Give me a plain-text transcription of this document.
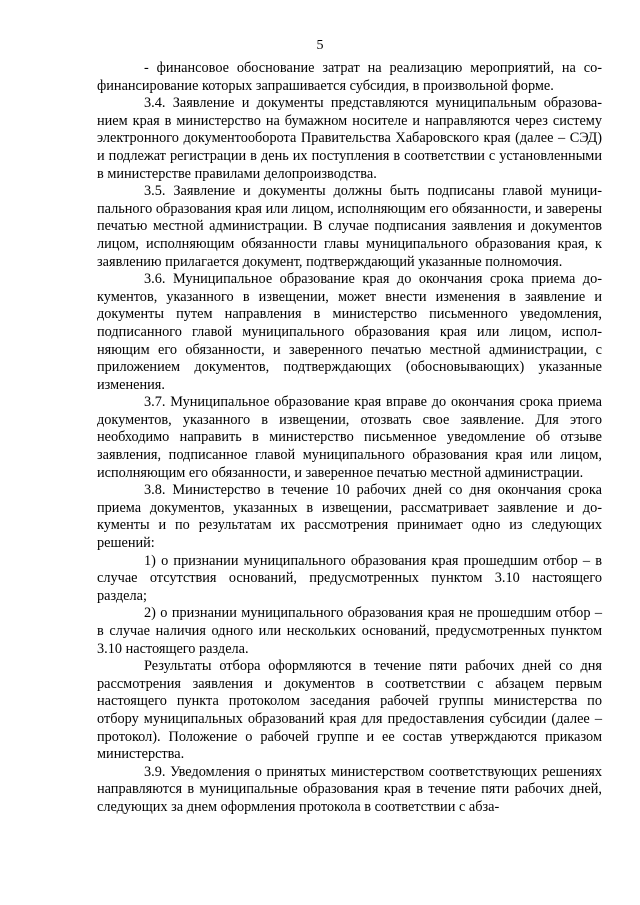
5

- финансовое обоснование затрат на реализацию мероприятий, на софинансирование которых запрашивается субсидия, в произвольной форме.

3.4. Заявление и документы представляются муниципальным образованием края в министерство на бумажном носителе и направляются через систему электронного документооборота Правительства Хабаровского края (далее – СЭД) и подлежат регистрации в день их поступления в соответствии с установленными в министерстве правилами делопроизводства.

3.5. Заявление и документы должны быть подписаны главой муниципального образования края или лицом, исполняющим его обязанности, и заверены печатью местной администрации. В случае подписания заявления и документов лицом, исполняющим обязанности главы муниципального образования края, к заявлению прилагается документ, подтверждающий указанные полномочия.

3.6. Муниципальное образование края до окончания срока приема документов, указанного в извещении, может внести изменения в заявление и документы путем направления в министерство письменного уведомления, подписанного главой муниципального образования края или лицом, исполняющим его обязанности, и заверенного печатью местной администрации, с приложением документов, подтверждающих (обосновывающих) указанные изменения.

3.7. Муниципальное образование края вправе до окончания срока приема документов, указанного в извещении, отозвать свое заявление. Для этого необходимо направить в министерство письменное уведомление об отзыве заявления, подписанное главой муниципального образования края или лицом, исполняющим его обязанности, и заверенное печатью местной администрации.

3.8. Министерство в течение 10 рабочих дней со дня окончания срока приема документов, указанных в извещении, рассматривает заявление и документы и по результатам их рассмотрения принимает одно из следующих решений:

1) о признании муниципального образования края прошедшим отбор – в случае отсутствия оснований, предусмотренных пунктом 3.10 настоящего раздела;

2) о признании муниципального образования края не прошедшим отбор – в случае наличия одного или нескольких оснований, предусмотренных пунктом 3.10 настоящего раздела.

Результаты отбора оформляются в течение пяти рабочих дней со дня рассмотрения заявления и документов в соответствии с абзацем первым настоящего пункта протоколом заседания рабочей группы министерства по отбору муниципальных образований края для предоставления субсидии (далее – протокол). Положение о рабочей группе и ее состав утверждаются приказом министерства.

3.9. Уведомления о принятых министерством соответствующих решениях направляются в муниципальные образования края в течение пяти рабочих дней, следующих за днем оформления протокола в соответствии с абза-
